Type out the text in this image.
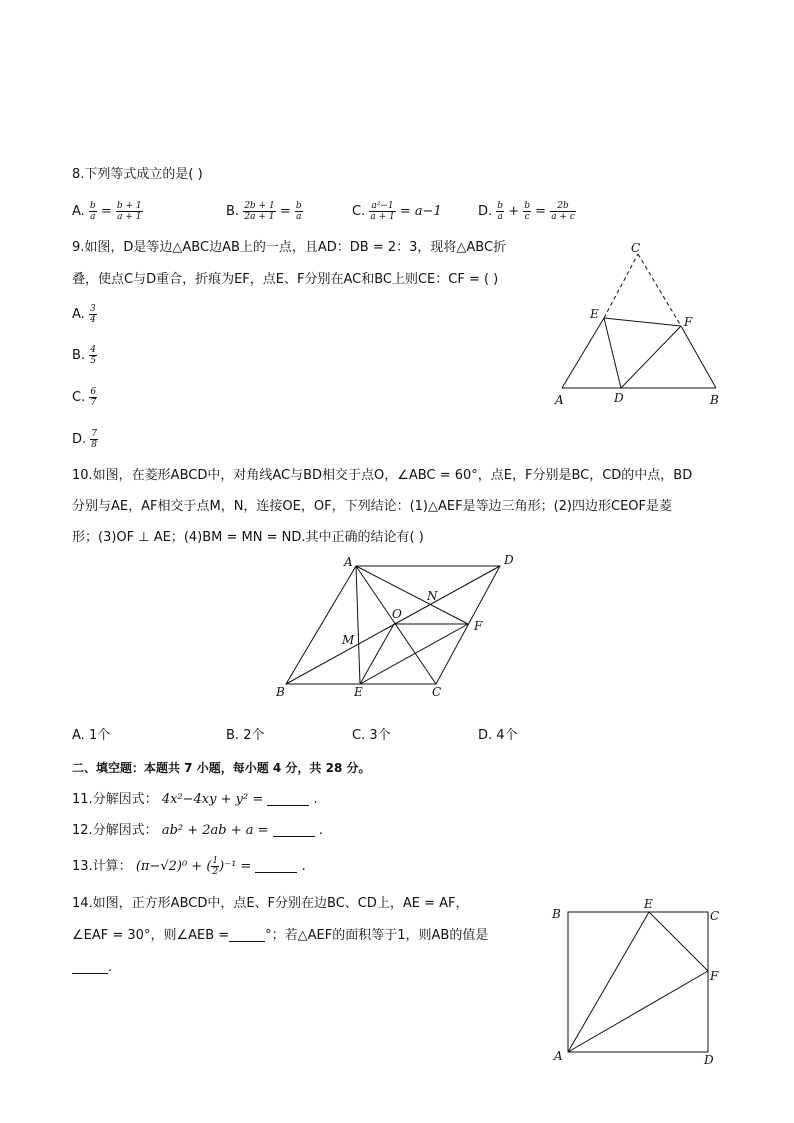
8.下列等式成立的是( )
A. $\frac{b}{a} = \frac{b + 1}{a + 1}$	B. $\frac{2b + 1}{2a + 1} = \frac{b}{a}$	C. $\frac{\text{a²−1}}{a + 1} = a-1$	D. $\frac{b}{a} + \frac{b}{c} = \frac{2b}{a + c}$
9.如图，D是等边△ABC边AB上的一点，且AD：DB = 2：3，现将△ABC折
叠，使点C与D重合，折痕为EF，点E、F分别在AC和BC上则CE：CF = ( )
A. $\frac{3}{4}$
B. $\frac{4}{5}$
C. $\frac{6}{7}$
D. $\frac{7}{8}$
C
E
F
A	D	B
10.如图，在菱形ABCD中，对角线AC与BD相交于点O，∠ABC = 60°，点E，F分别是BC，CD的中点，BD
分别与AE，AF相交于点M，N，连接OE，OF，下列结论：(1)△AEF是等边三角形；(2)四边形CEOF是菱
形；(3)OF ⊥ AE；(4)BM = MN = ND.其中正确的结论有( )
A	D
N
O
F
M
B	E	C
A. 1个	B. 2个	C. 3个	D. 4个
二、填空题：本题共 7 小题，每小题 4 分，共 28 分。
11.分解因式： 4x²−4xy + y² =	.
12.分解因式： ab² + 2ab + a =	.
13.计算： (π−√2)⁰ + ( $\frac{1}{2} )^{-1}$ =	.
14.如图，正方形ABCD中，点E、F分别在边BC、CD上，AE = AF，
∠EAF = 30°，则∠AEB =	°；若△AEF的面积等于1，则AB的值是
.
B
E
C
F
A	D
